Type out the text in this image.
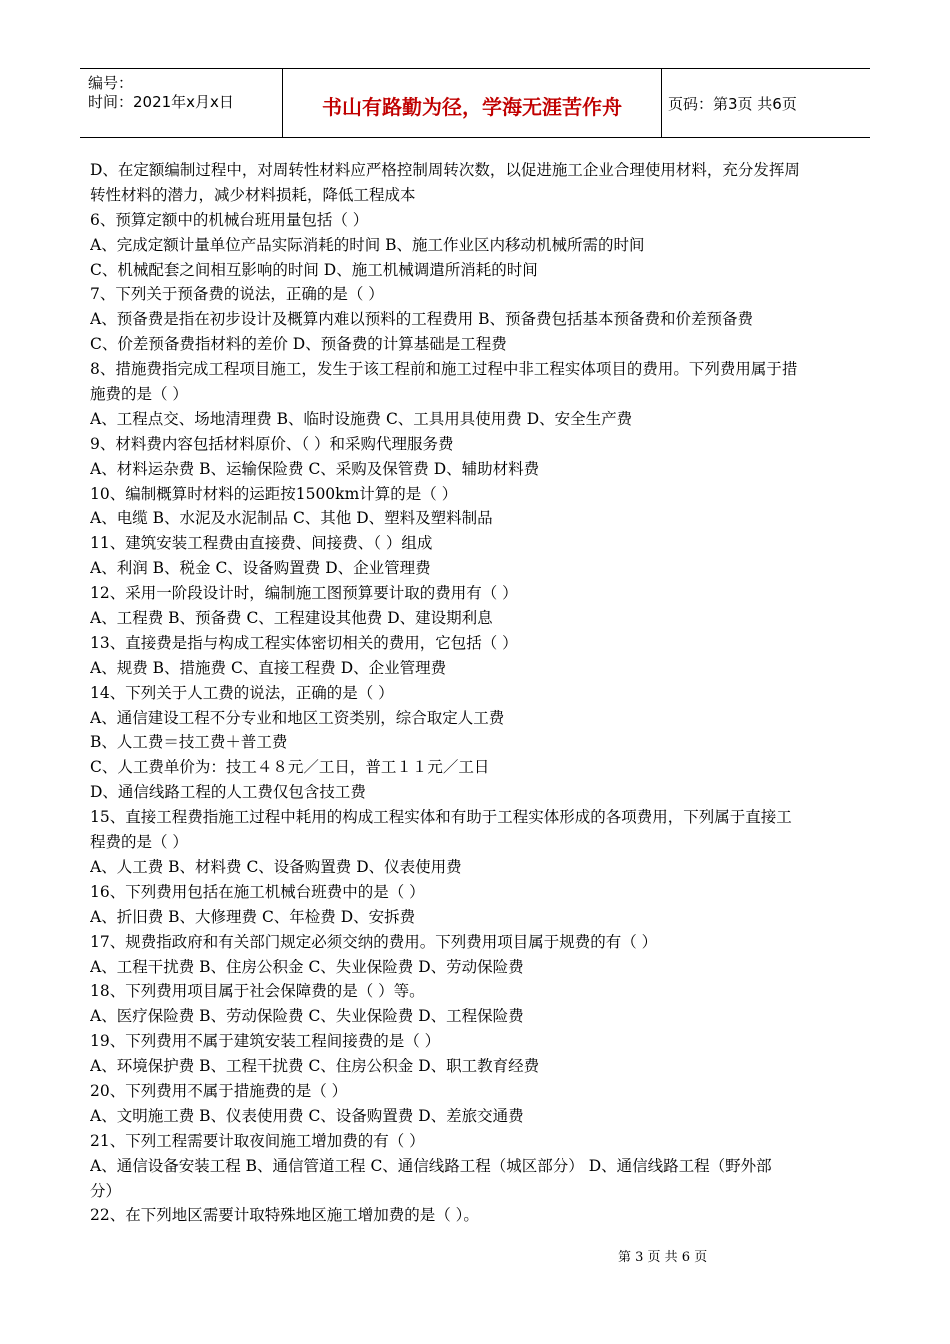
编号：
时间：2021年x月x日	书山有路勤为径，学海无涯苦作舟	页码：第3页 共6页
D、在定额编制过程中，对周转性材料应严格控制周转次数，以促进施工企业合理使用材料，充分发挥周
转性材料的潜力，减少材料损耗，降低工程成本
6、预算定额中的机械台班用量包括（ ）
A、完成定额计量单位产品实际消耗的时间 B、施工作业区内移动机械所需的时间
C、机械配套之间相互影响的时间 D、施工机械调遣所消耗的时间
7、下列关于预备费的说法，正确的是（ ）
A、预备费是指在初步设计及概算内难以预料的工程费用 B、预备费包括基本预备费和价差预备费
C、价差预备费指材料的差价 D、预备费的计算基础是工程费
8、措施费指完成工程项目施工，发生于该工程前和施工过程中非工程实体项目的费用。下列费用属于措
施费的是（ ）
A、工程点交、场地清理费 B、临时设施费 C、工具用具使用费 D、安全生产费
9、材料费内容包括材料原价、（ ）和采购代理服务费
A、材料运杂费 B、运输保险费 C、采购及保管费 D、辅助材料费
10、编制概算时材料的运距按1500km计算的是（ ）
A、电缆 B、水泥及水泥制品 C、其他 D、塑料及塑料制品
11、建筑安装工程费由直接费、间接费、（ ）组成
A、利润 B、税金 C、设备购置费 D、企业管理费
12、采用一阶段设计时，编制施工图预算要计取的费用有（ ）
A、工程费 B、预备费 C、工程建设其他费 D、建设期利息
13、直接费是指与构成工程实体密切相关的费用，它包括（ ）
A、规费 B、措施费 C、直接工程费 D、企业管理费
14、下列关于人工费的说法，正确的是（ ）
A、通信建设工程不分专业和地区工资类别，综合取定人工费
B、人工费＝技工费＋普工费
C、人工费单价为：技工４８元／工日，普工１１元／工日
D、通信线路工程的人工费仅包含技工费
15、直接工程费指施工过程中耗用的构成工程实体和有助于工程实体形成的各项费用，下列属于直接工
程费的是（ ）
A、人工费 B、材料费 C、设备购置费 D、仪表使用费
16、下列费用包括在施工机械台班费中的是（ ）
A、折旧费 B、大修理费 C、年检费 D、安拆费
17、规费指政府和有关部门规定必须交纳的费用。下列费用项目属于规费的有（ ）
A、工程干扰费 B、住房公积金 C、失业保险费 D、劳动保险费
18、下列费用项目属于社会保障费的是（ ）等。
A、医疗保险费 B、劳动保险费 C、失业保险费 D、工程保险费
19、下列费用不属于建筑安装工程间接费的是（ ）
A、环境保护费 B、工程干扰费 C、住房公积金 D、职工教育经费
20、下列费用不属于措施费的是（ ）
A、文明施工费 B、仪表使用费 C、设备购置费 D、差旅交通费
21、下列工程需要计取夜间施工增加费的有（ ）
A、通信设备安装工程 B、通信管道工程 C、通信线路工程（城区部分） D、通信线路工程（野外部
分）
22、在下列地区需要计取特殊地区施工增加费的是（ ）。
第 3 页 共 6 页
